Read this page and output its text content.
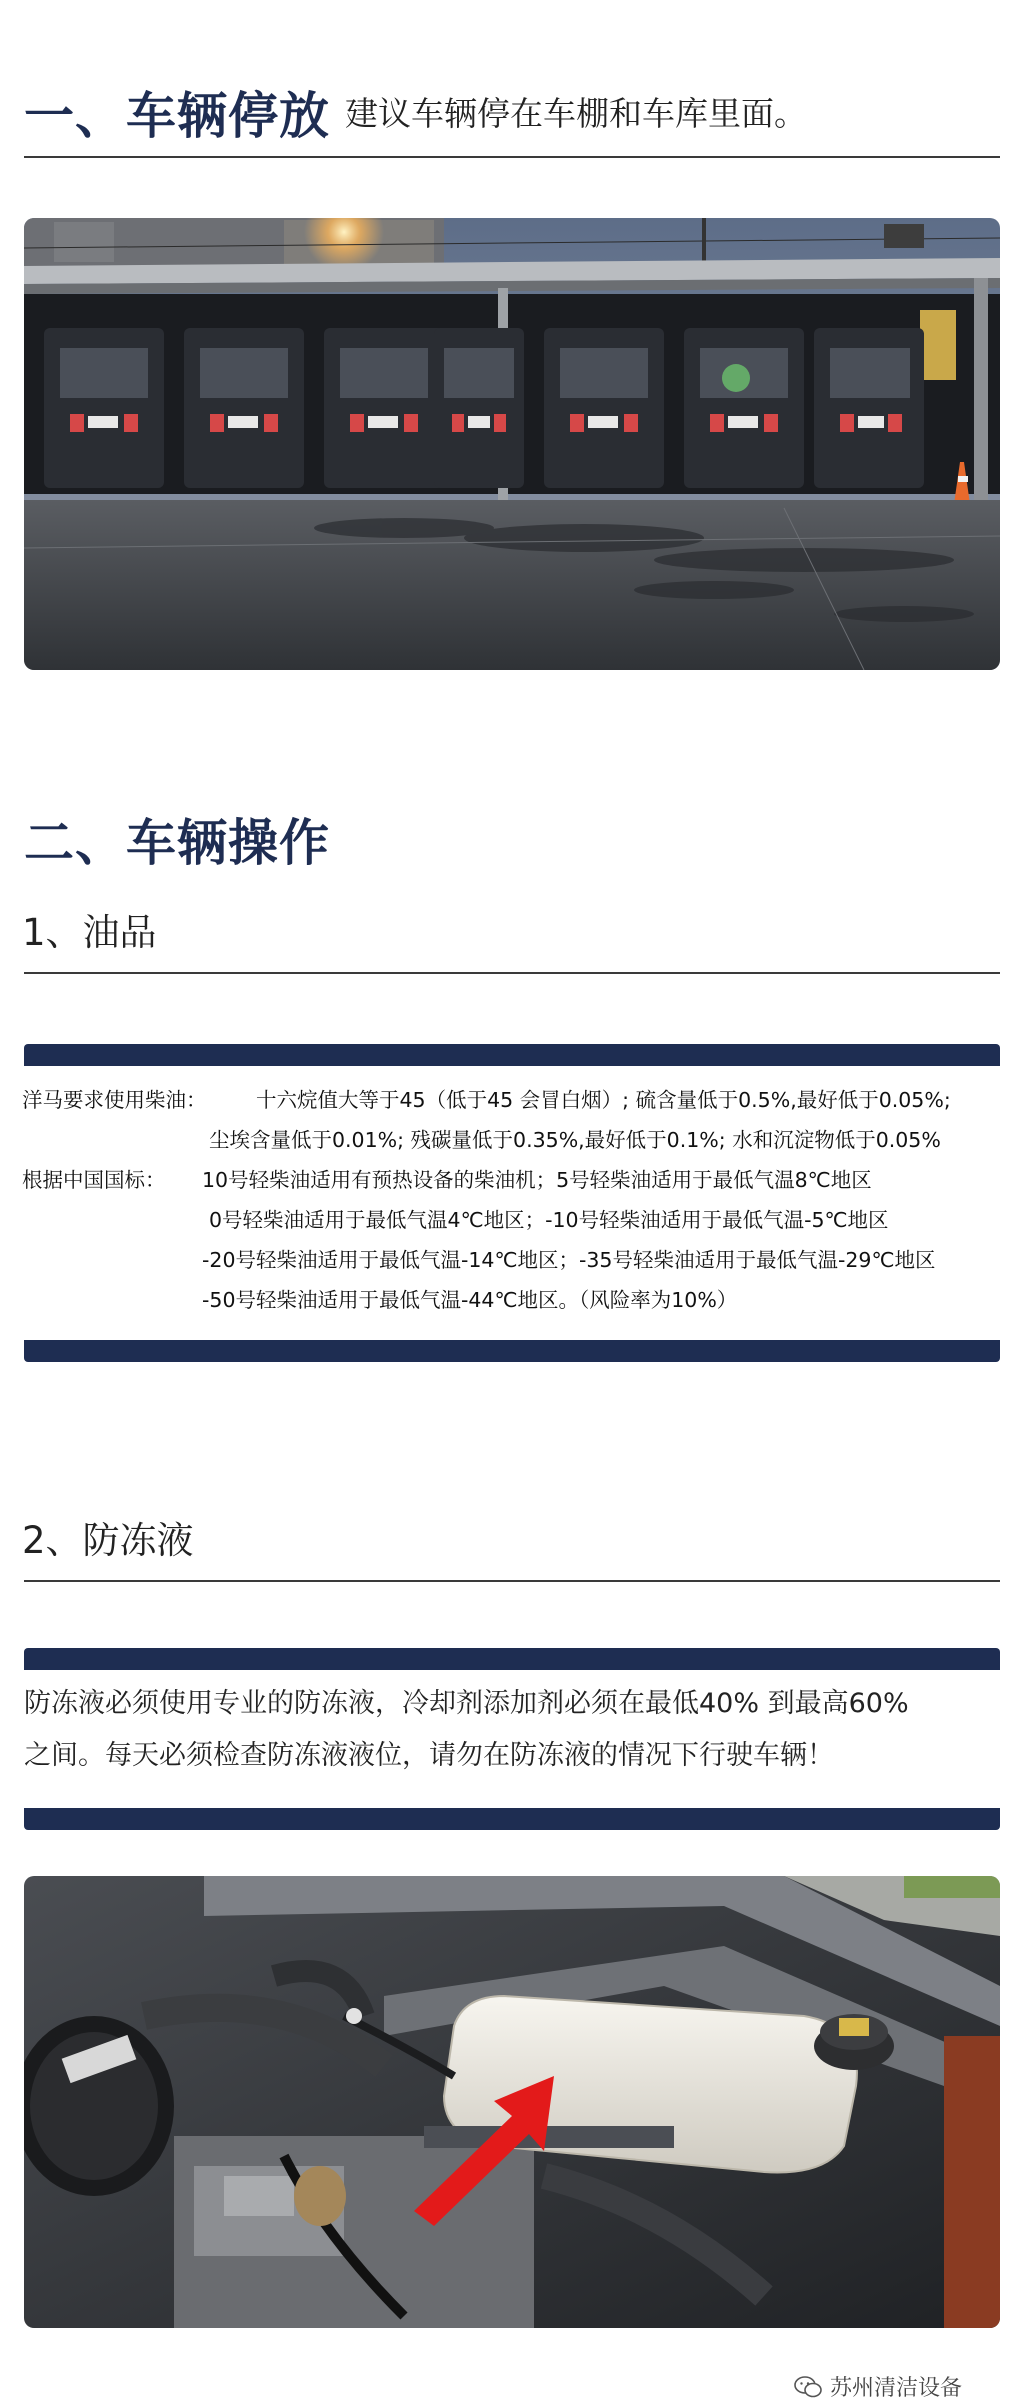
一、车辆停放 建议车辆停在车棚和车库里面。
二、车辆操作
1、油品
洋马要求使用柴油： 十六烷值大等于45（低于45 会冒白烟）; 硫含量低于0.5%,最好低于0.05%;
尘埃含量低于0.01%; 残碳量低于0.35%,最好低于0.1%; 水和沉淀物低于0.05%
根据中国国标： 10号轻柴油适用有预热设备的柴油机；5号轻柴油适用于最低气温8℃地区
0号轻柴油适用于最低气温4℃地区；-10号轻柴油适用于最低气温-5℃地区
-20号轻柴油适用于最低气温-14℃地区；-35号轻柴油适用于最低气温-29℃地区
-50号轻柴油适用于最低气温-44℃地区。（风险率为10%）
2、防冻液
防冻液必须使用专业的防冻液，冷却剂添加剂必须在最低40% 到最高60%
之间。每天必须检查防冻液液位，请勿在防冻液的情况下行驶车辆！
苏州清洁设备
